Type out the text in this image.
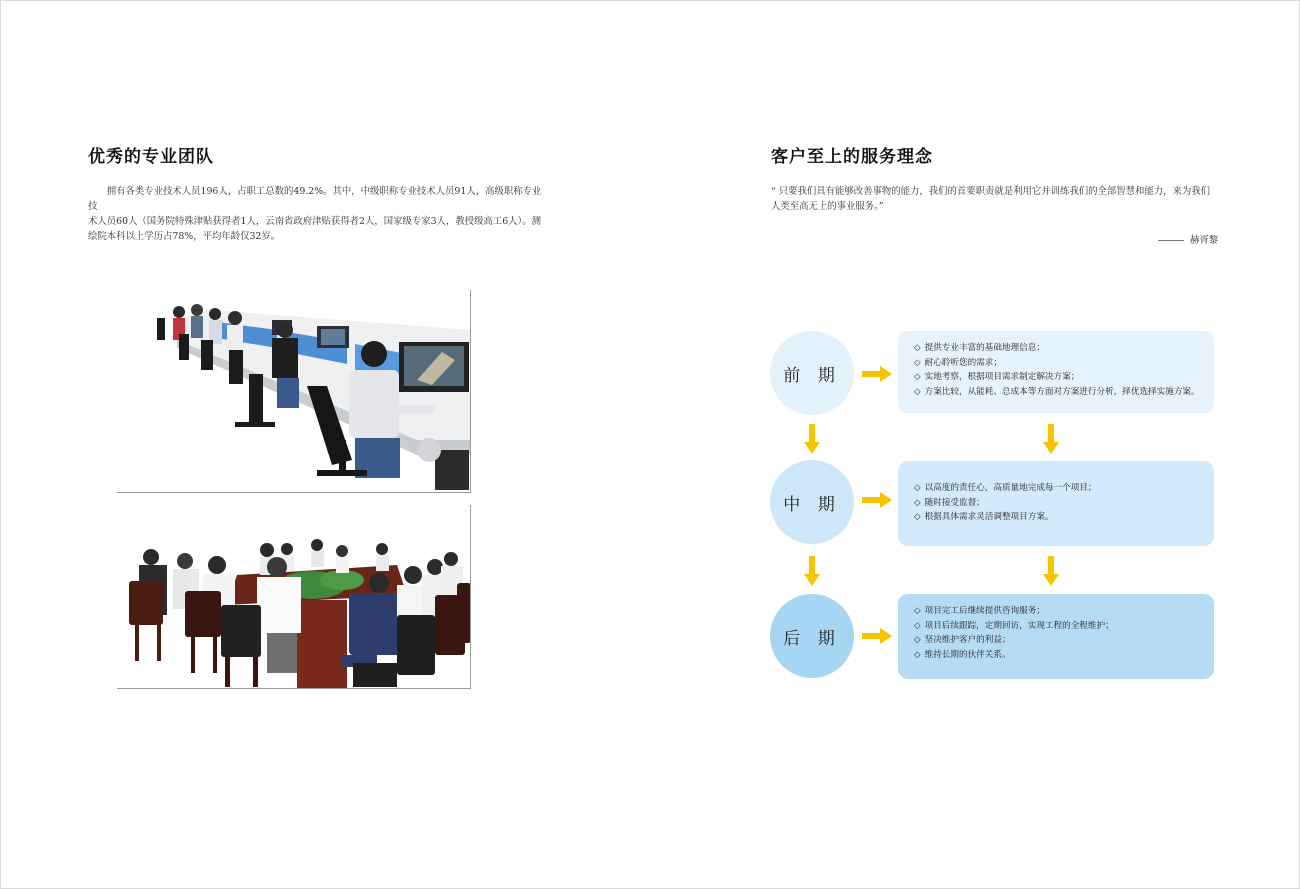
优秀的专业团队
　　拥有各类专业技术人员196人，占职工总数的49.2%。其中，中级职称专业技术人员91人，高级职称专业技
术人员60人（国务院特殊津贴获得者1人，云南省政府津贴获得者2人，国家级专家3人，教授级高工6人）。测
绘院本科以上学历占78%，平均年龄仅32岁。
客户至上的服务理念
“ 只要我们具有能够改善事物的能力，我们的首要职责就是利用它并训练我们的全部智慧和能力，来为我们
人类至高无上的事业服务。”
赫胥黎
前 期
◇ 提供专业丰富的基础地理信息；
◇ 耐心聆听您的需求；
◇ 实地考察，根据项目需求制定解决方案；
◇ 方案比较，从能耗、总成本等方面对方案进行分析，择优选择实施方案。
中 期
◇ 以高度的责任心，高质量地完成每一个项目；
◇ 随时接受监督；
◇ 根据具体需求灵活调整项目方案。
后 期
◇ 项目完工后继续提供咨询服务；
◇ 项目后续跟踪，定期回访，实现工程的全程维护；
◇ 坚决维护客户的利益；
◇ 维持长期的伙伴关系。
